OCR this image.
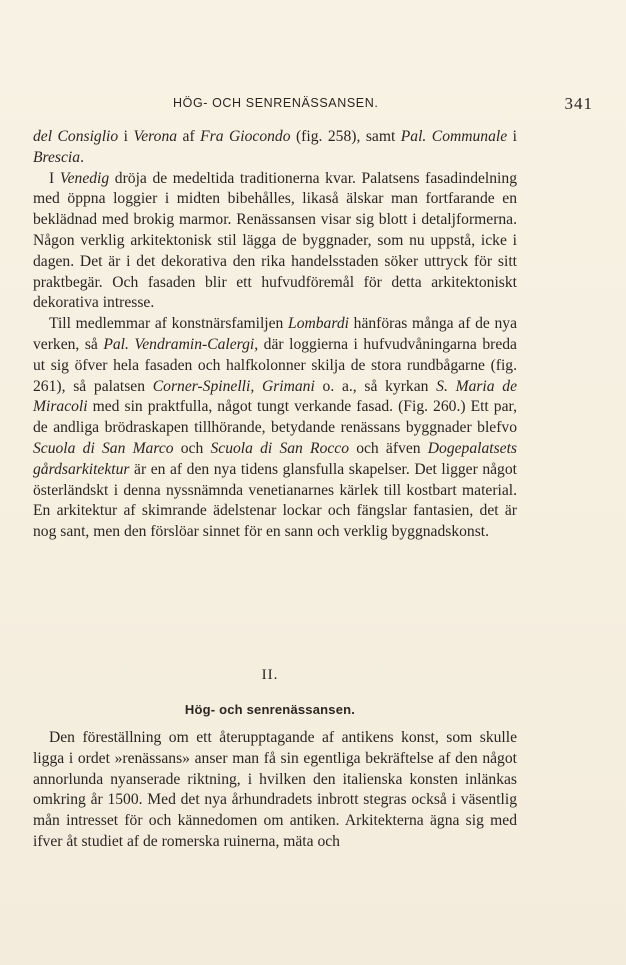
HÖG- OCH SENRENÄSSANSEN.	341

del Consiglio i Verona af Fra Giocondo (fig. 258), samt Pal. Communale i Brescia.

I Venedig dröja de medeltida traditionerna kvar. Palatsens fasadindelning med öppna loggier i midten bibehålles, likaså älskar man fortfarande en beklädnad med brokig marmor. Renässansen visar sig blott i detaljformerna. Någon verklig arkitektonisk stil lägga de byggnader, som nu uppstå, icke i dagen. Det är i det dekorativa den rika handelsstaden söker uttryck för sitt praktbegär. Och fasaden blir ett hufvudföremål för detta arkitektoniskt dekorativa intresse.

Till medlemmar af konstnärsfamiljen Lombardi hänföras många af de nya verken, så Pal. Vendramin-Calergi, där loggierna i hufvudvåningarna breda ut sig öfver hela fasaden och halfkolonner skilja de stora rundbågarne (fig. 261), så palatsen Corner-Spinelli, Grimani o. a., så kyrkan S. Maria de Miracoli med sin praktfulla, något tungt verkande fasad. (Fig. 260.) Ett par, de andliga brödraskapen tillhörande, betydande renässans byggnader blefvo Scuola di San Marco och Scuola di San Rocco och äfven Dogepalatsets gårdsarkitektur är en af den nya tidens glansfulla skapelser. Det ligger något österländskt i denna nyssnämnda venetianarnes kärlek till kostbart material. En arkitektur af skimrande ädelstenar lockar och fängslar fantasien, det är nog sant, men den förslöar sinnet för en sann och verklig byggnadskonst.

II.
Hög- och senrenässansen.

Den föreställning om ett återupptagande af antikens konst, som skulle ligga i ordet »renässans» anser man få sin egentliga bekräftelse af den något annorlunda nyanserade riktning, i hvilken den italienska konsten inlänkas omkring år 1500. Med det nya århundradets inbrott stegras också i väsentlig mån intresset för och kännedomen om antiken. Arkitekterna ägna sig med ifver åt studiet af de romerska ruinerna, mäta och
